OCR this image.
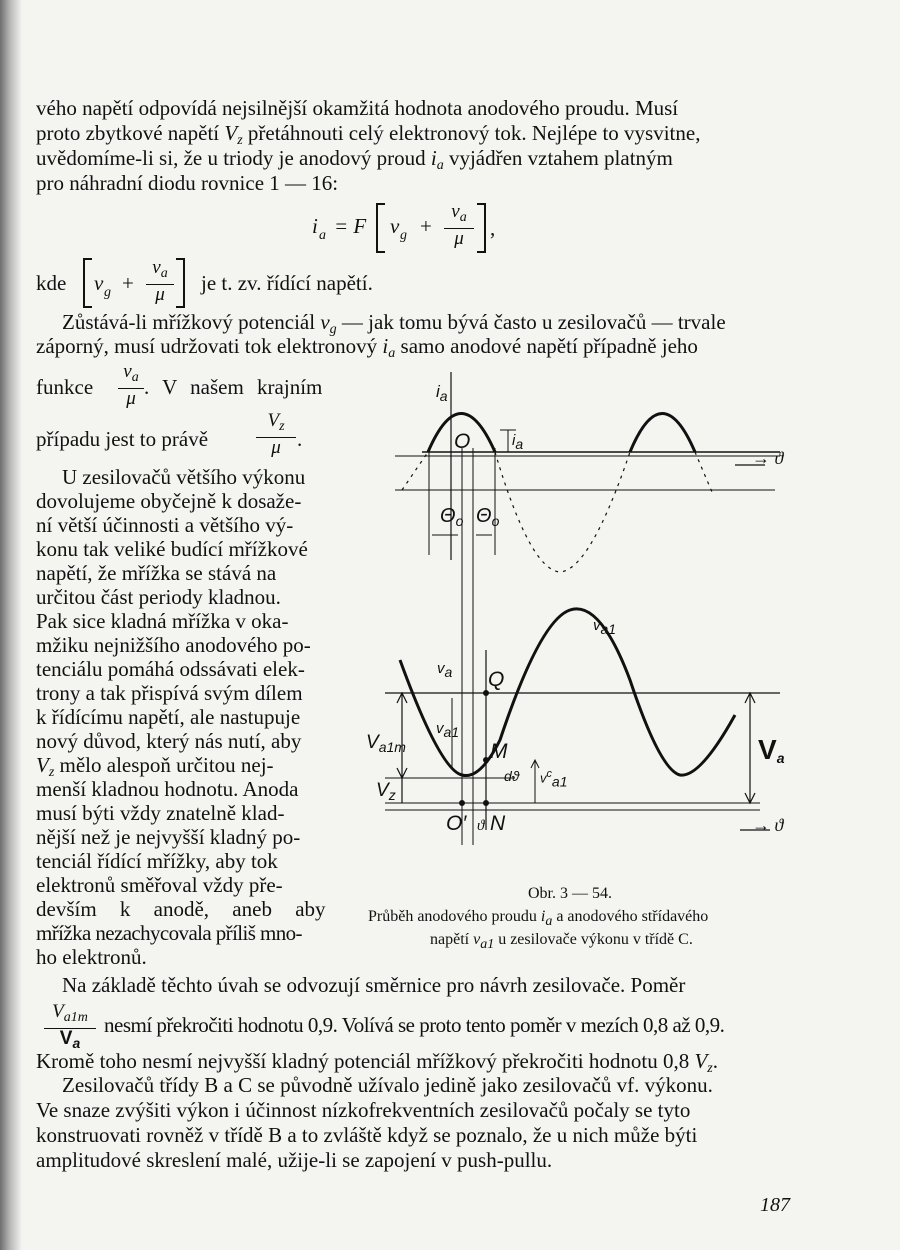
vého napětí odpovídá nejsilnější okamžitá hodnota anodového proudu. Musí
proto zbytkové napětí $V_z$ přetáhnouti celý elektronový tok. Nejlépe to vysvitne,
uvědomíme-li si, že u triody je anodový proud $i_a$ vyjádřen vztahem platným
pro náhradní diodu rovnice 1 — 16:
i a = F v g +
$v_a$
μ	,
kde v g +
$v_a$
μ	je t. zv. řídící napětí.
Zůstává-li mřížkový potenciál $v_g$ — jak tomu bývá často u zesilovačů — trvale
záporný, musí udržovati tok elektronový $i_a$ samo anodové napětí případně jeho
funkce
$v_a$
μ . V našem krajním
případu jest to právě
$V_z$
μ .
U zesilovačů většího výkonu
dovolujeme obyčejně k dosaže-
ní větší účinnosti a většího vý-
konu tak veliké budící mřížkové
napětí, že mřížka se stává na
určitou část periody kladnou.
Pak sice kladná mřížka v oka-
mžiku nejnižšího anodového po-
tenciálu pomáhá odssávati elek-
trony a tak přispívá svým dílem
k řídícímu napětí, ale nastupuje
nový důvod, který nás nutí, aby
$V_z$ mělo alespoň určitou nej-
menší kladnou hodnotu. Anoda
musí býti vždy znatelně klad-
nější než je nejvyšší kladný po-
tenciál řídící mřížky, aby tok
elektronů směřoval vždy pře-
devším k anodě, aneb aby
mřížka nezachycovala příliš mno-
ho elektronů.
Na základě těchto úvah se odvozují směrnice pro návrh zesilovače. Poměr
$V_{a1m}$
$V_a$
nesmí překročiti hodnotu 0,9. Volívá se proto tento poměr v mezích 0,8 až 0,9.
Kromě toho nesmí nejvyšší kladný potenciál mřížkový překročiti hodnotu 0,8 $V_z$.
Zesilovačů třídy B a C se původně užívalo jedině jako zesilovačů vf. výkonu.
Ve snaze zvýšiti výkon i účinnost nízkofrekventních zesilovačů počaly se tyto
konstruovati rovněž v třídě B a to zvláště když se poznalo, že u nich může býti
amplitudové skreslení malé, užije-li se zapojení v push-pullu.
$i_a$
O	ia
→ ϑ
$\Theta_o$ $\Theta_o$
va1
va Q
va1
$V_{a1m}$	M
dϑ $v^ca1$
$V_a$
$V_z$
O′ ϑ N	→ ϑ
Obr. 3 — 54.
Průběh anodového proudu ia a anodového střídavého
napětí va1 u zesilovače výkonu v třídě C.
187
